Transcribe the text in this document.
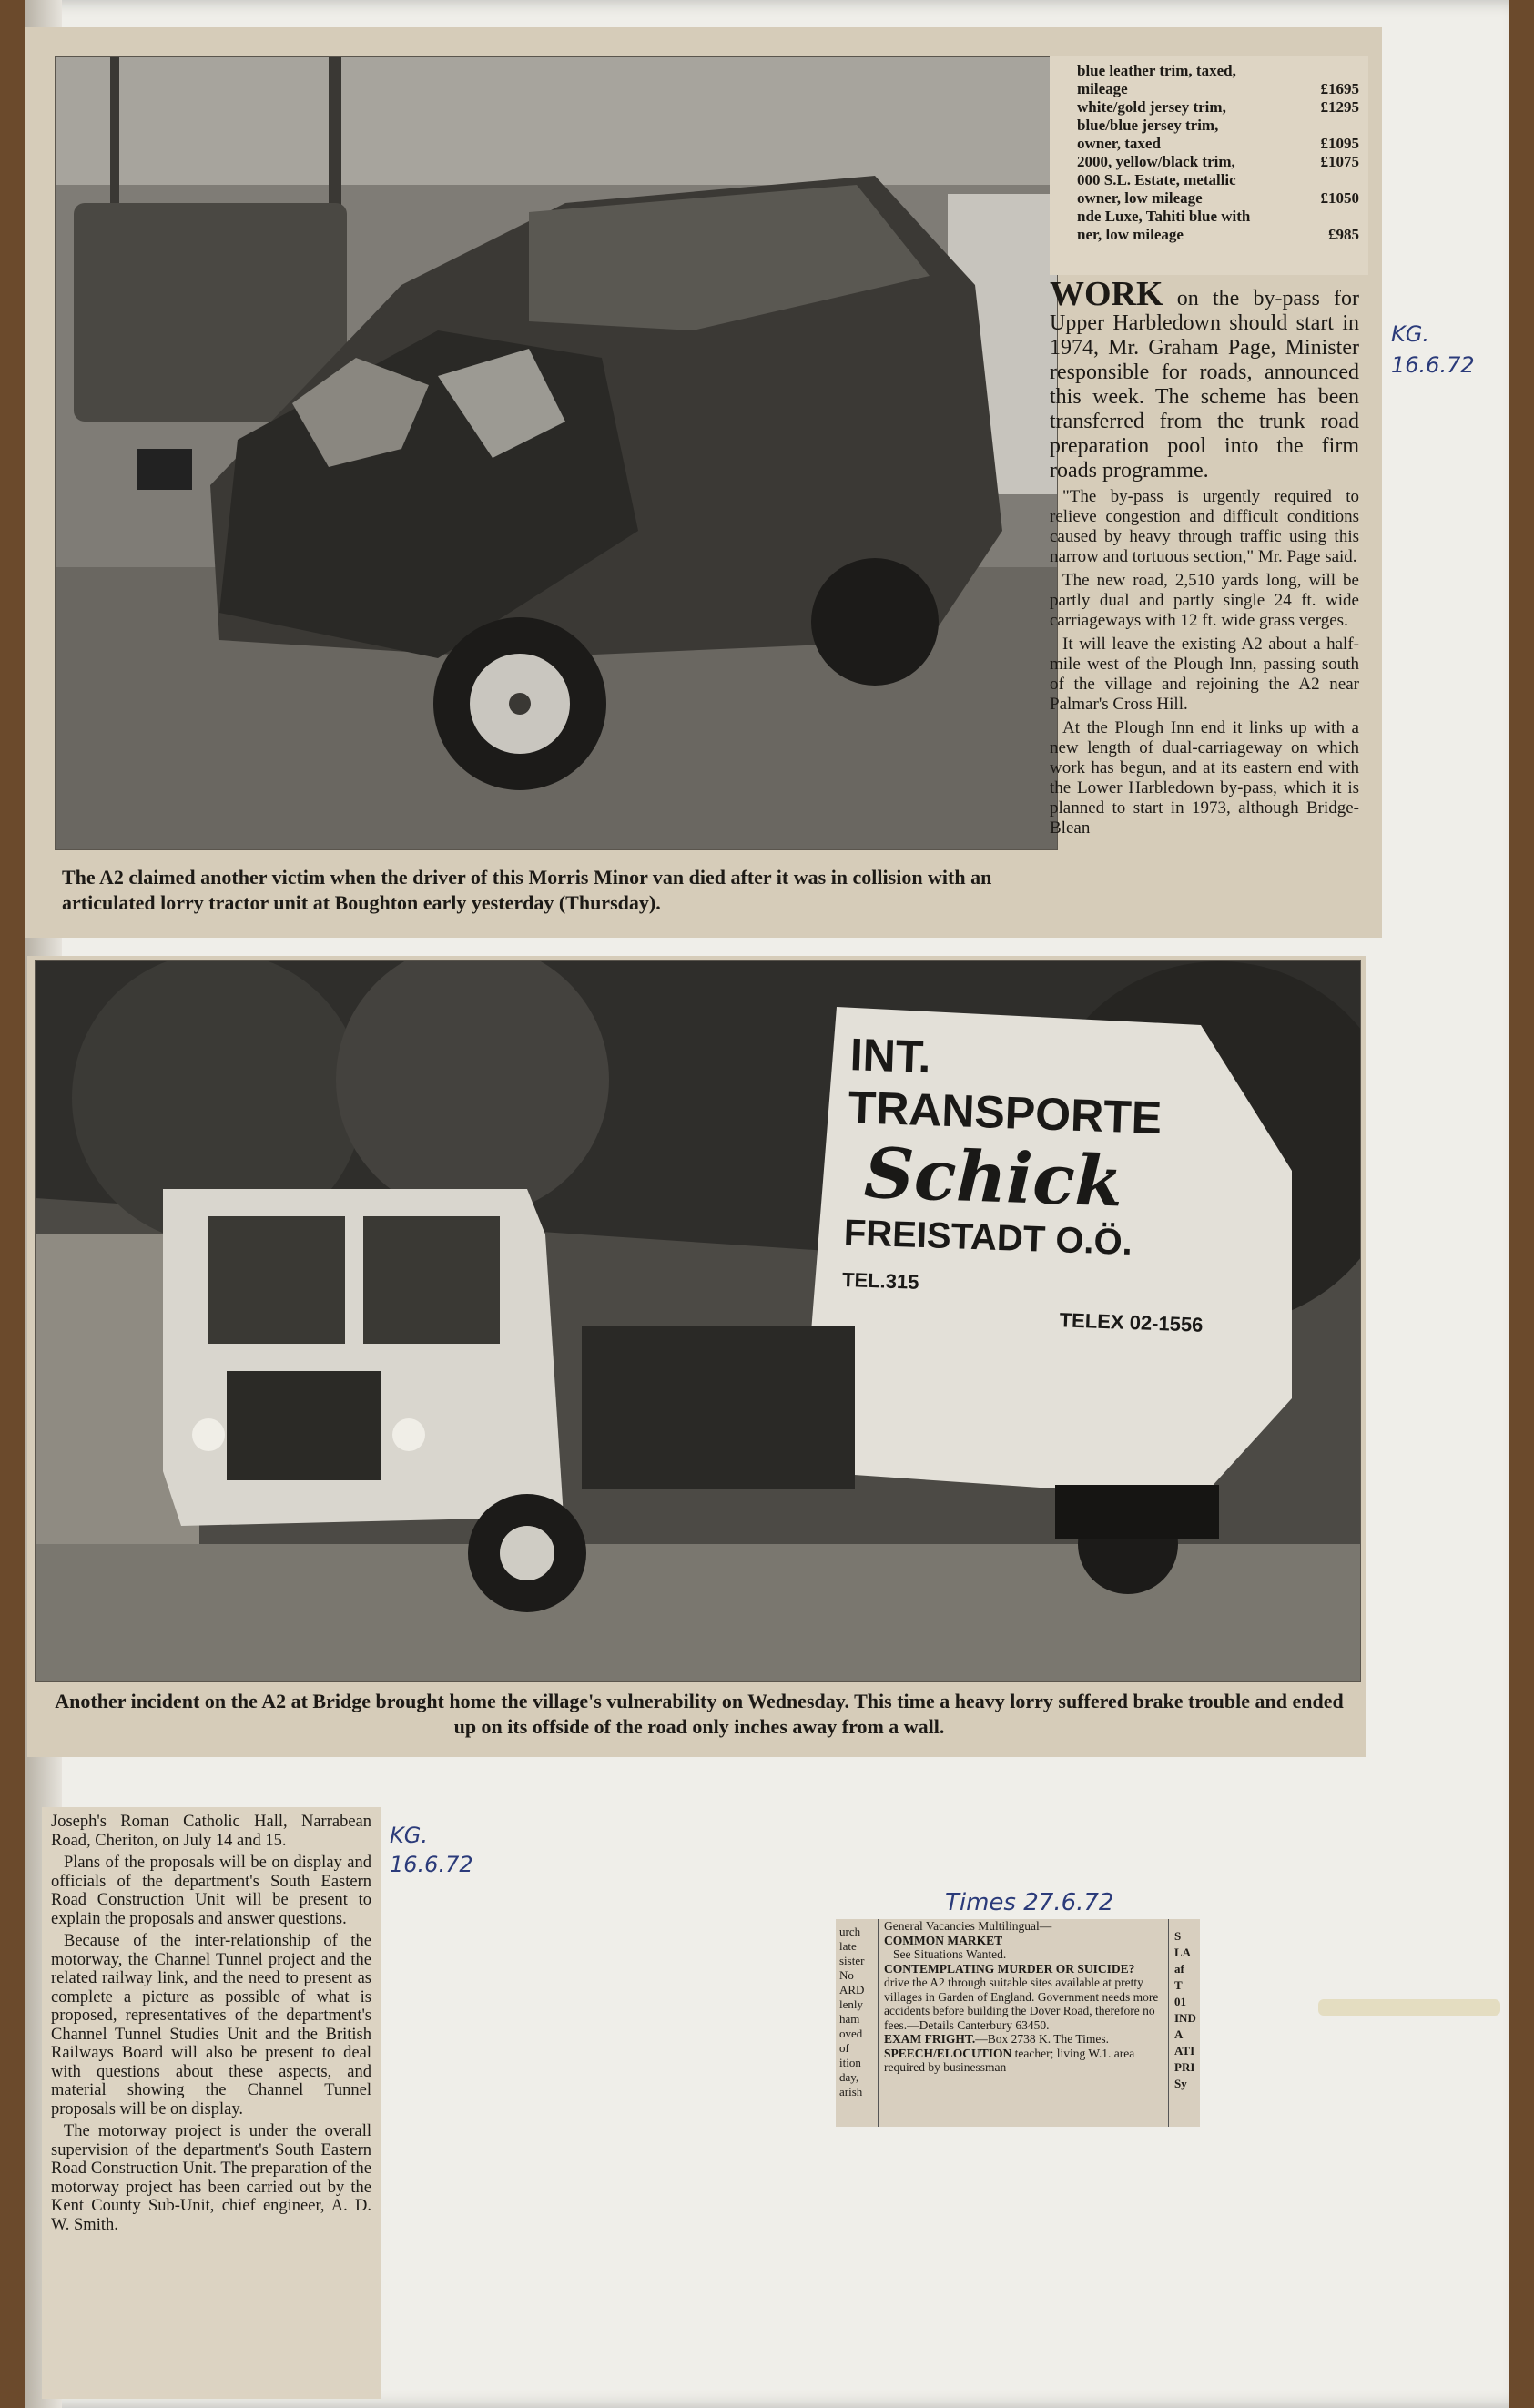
The A2 claimed another victim when the driver of this Morris Minor van died after it was in collision with an articulated lorry tractor unit at Boughton early yesterday (Thursday).
blue leather trim, taxed,
mileage	£1695
white/gold jersey trim,	£1295
blue/blue jersey trim,
owner, taxed	£1095
2000, yellow/black trim,	£1075
000 S.L. Estate, metallic
owner, low mileage	£1050
nde Luxe, Tahiti blue with
ner, low mileage	£985

WORK on the by-pass for Upper Harbledown should start in 1974, Mr. Graham Page, Minister responsible for roads, announced this week. The scheme has been transferred from the trunk road preparation pool into the firm roads programme.

"The by-pass is urgently required to relieve congestion and difficult conditions caused by heavy through traffic using this narrow and tortuous section," Mr. Page said.

The new road, 2,510 yards long, will be partly dual and partly single 24 ft. wide carriageways with 12 ft. wide grass verges.

It will leave the existing A2 about a half-mile west of the Plough Inn, passing south of the village and rejoining the A2 near Palmar's Cross Hill.

At the Plough Inn end it links up with a new length of dual-carriageway on which work has begun, and at its eastern end with the Lower Harbledown by-pass, which it is planned to start in 1973, although Bridge-Blean

KG. 16.6.72
INT. TRANSPORTE
Schick
FREISTADT O.Ö. TEL.315
TELEX 02-1556
TIR
Another incident on the A2 at Bridge brought home the village's vulnerability on Wednesday. This time a heavy lorry suffered brake trouble and ended up on its offside of the road only inches away from a wall.

Joseph's Roman Catholic Hall, Narrabean Road, Cheriton, on July 14 and 15.

Plans of the proposals will be on display and officials of the department's South Eastern Road Construction Unit will be present to explain the proposals and answer questions.

Because of the inter-relationship of the motorway, the Channel Tunnel project and the related railway link, and the need to present as complete a picture as possible of what is proposed, representatives of the department's Channel Tunnel Studies Unit and the British Railways Board will also be present to deal with questions about these aspects, and material showing the Channel Tunnel proposals will be on display.

The motorway project is under the overall supervision of the department's South Eastern Road Construction Unit. The preparation of the motorway project has been carried out by the Kent County Sub-Unit, chief engineer, A. D. W. Smith.

KG. 16.6.72
Times 27.6.72
urch
late
sister
No
ARD
lenly
ham
oved
of
ition
day,
arish
General Vacancies Multilingual—
COMMON MARKET
See Situations Wanted.
CONTEMPLATING MURDER OR SUICIDE? drive the A2 through suitable sites available at pretty villages in Garden of England. Government needs more accidents before building the Dover Road, therefore no fees.—Details Canterbury 63450.
EXAM FRIGHT.—Box 2738 K. The Times.
SPEECH/ELOCUTION teacher; living W.1. area required by businessman
S
LA
af
T
01
IND
A
ATI
PRI
Sy
